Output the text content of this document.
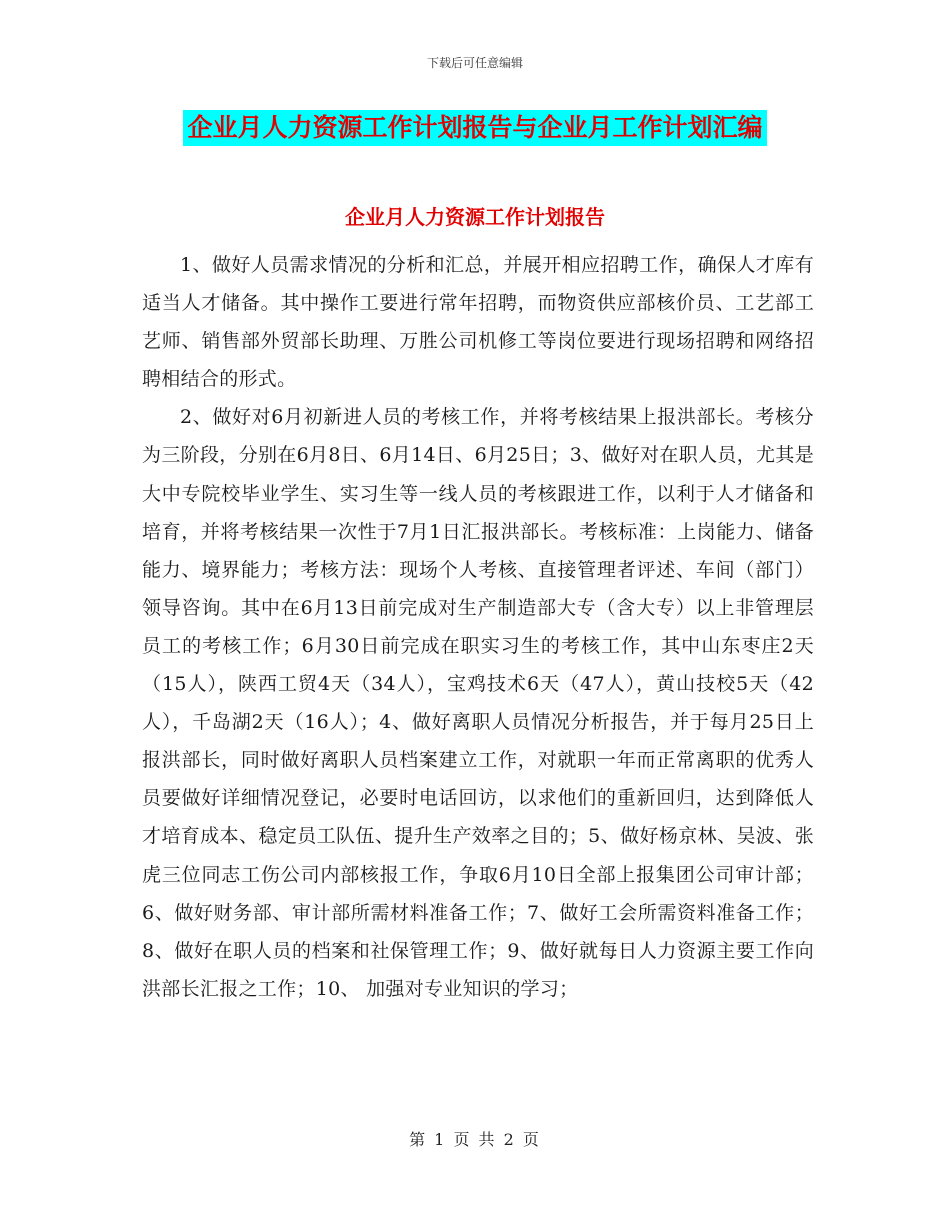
下载后可任意编辑
企业月人力资源工作计划报告与企业月工作计划汇编
企业月人力资源工作计划报告

1、做好人员需求情况的分析和汇总，并展开相应招聘工作，确保人才库有适当人才储备。其中操作工要进行常年招聘，而物资供应部核价员、工艺部工艺师、销售部外贸部长助理、万胜公司机修工等岗位要进行现场招聘和网络招聘相结合的形式。

2、做好对6月初新进人员的考核工作，并将考核结果上报洪部长。考核分为三阶段，分别在6月8日、6月14日、6月25日；3、做好对在职人员，尤其是大中专院校毕业学生、实习生等一线人员的考核跟进工作，以利于人才储备和培育，并将考核结果一次性于7月1日汇报洪部长。考核标准：上岗能力、储备能力、境界能力；考核方法：现场个人考核、直接管理者评述、车间（部门）领导咨询。其中在6月13日前完成对生产制造部大专（含大专）以上非管理层员工的考核工作；6月30日前完成在职实习生的考核工作，其中山东枣庄2天（15人），陕西工贸4天（34人），宝鸡技术6天（47人），黄山技校5天（42人），千岛湖2天（16人）；4、做好离职人员情况分析报告，并于每月25日上报洪部长，同时做好离职人员档案建立工作，对就职一年而正常离职的优秀人员要做好详细情况登记，必要时电话回访，以求他们的重新回归，达到降低人才培育成本、稳定员工队伍、提升生产效率之目的；5、做好杨京林、吴波、张虎三位同志工伤公司内部核报工作，争取6月10日全部上报集团公司审计部；6、做好财务部、审计部所需材料准备工作；7、做好工会所需资料准备工作；8、做好在职人员的档案和社保管理工作；9、做好就每日人力资源主要工作向洪部长汇报之工作；10、 加强对专业知识的学习；

第 1 页 共 2 页
